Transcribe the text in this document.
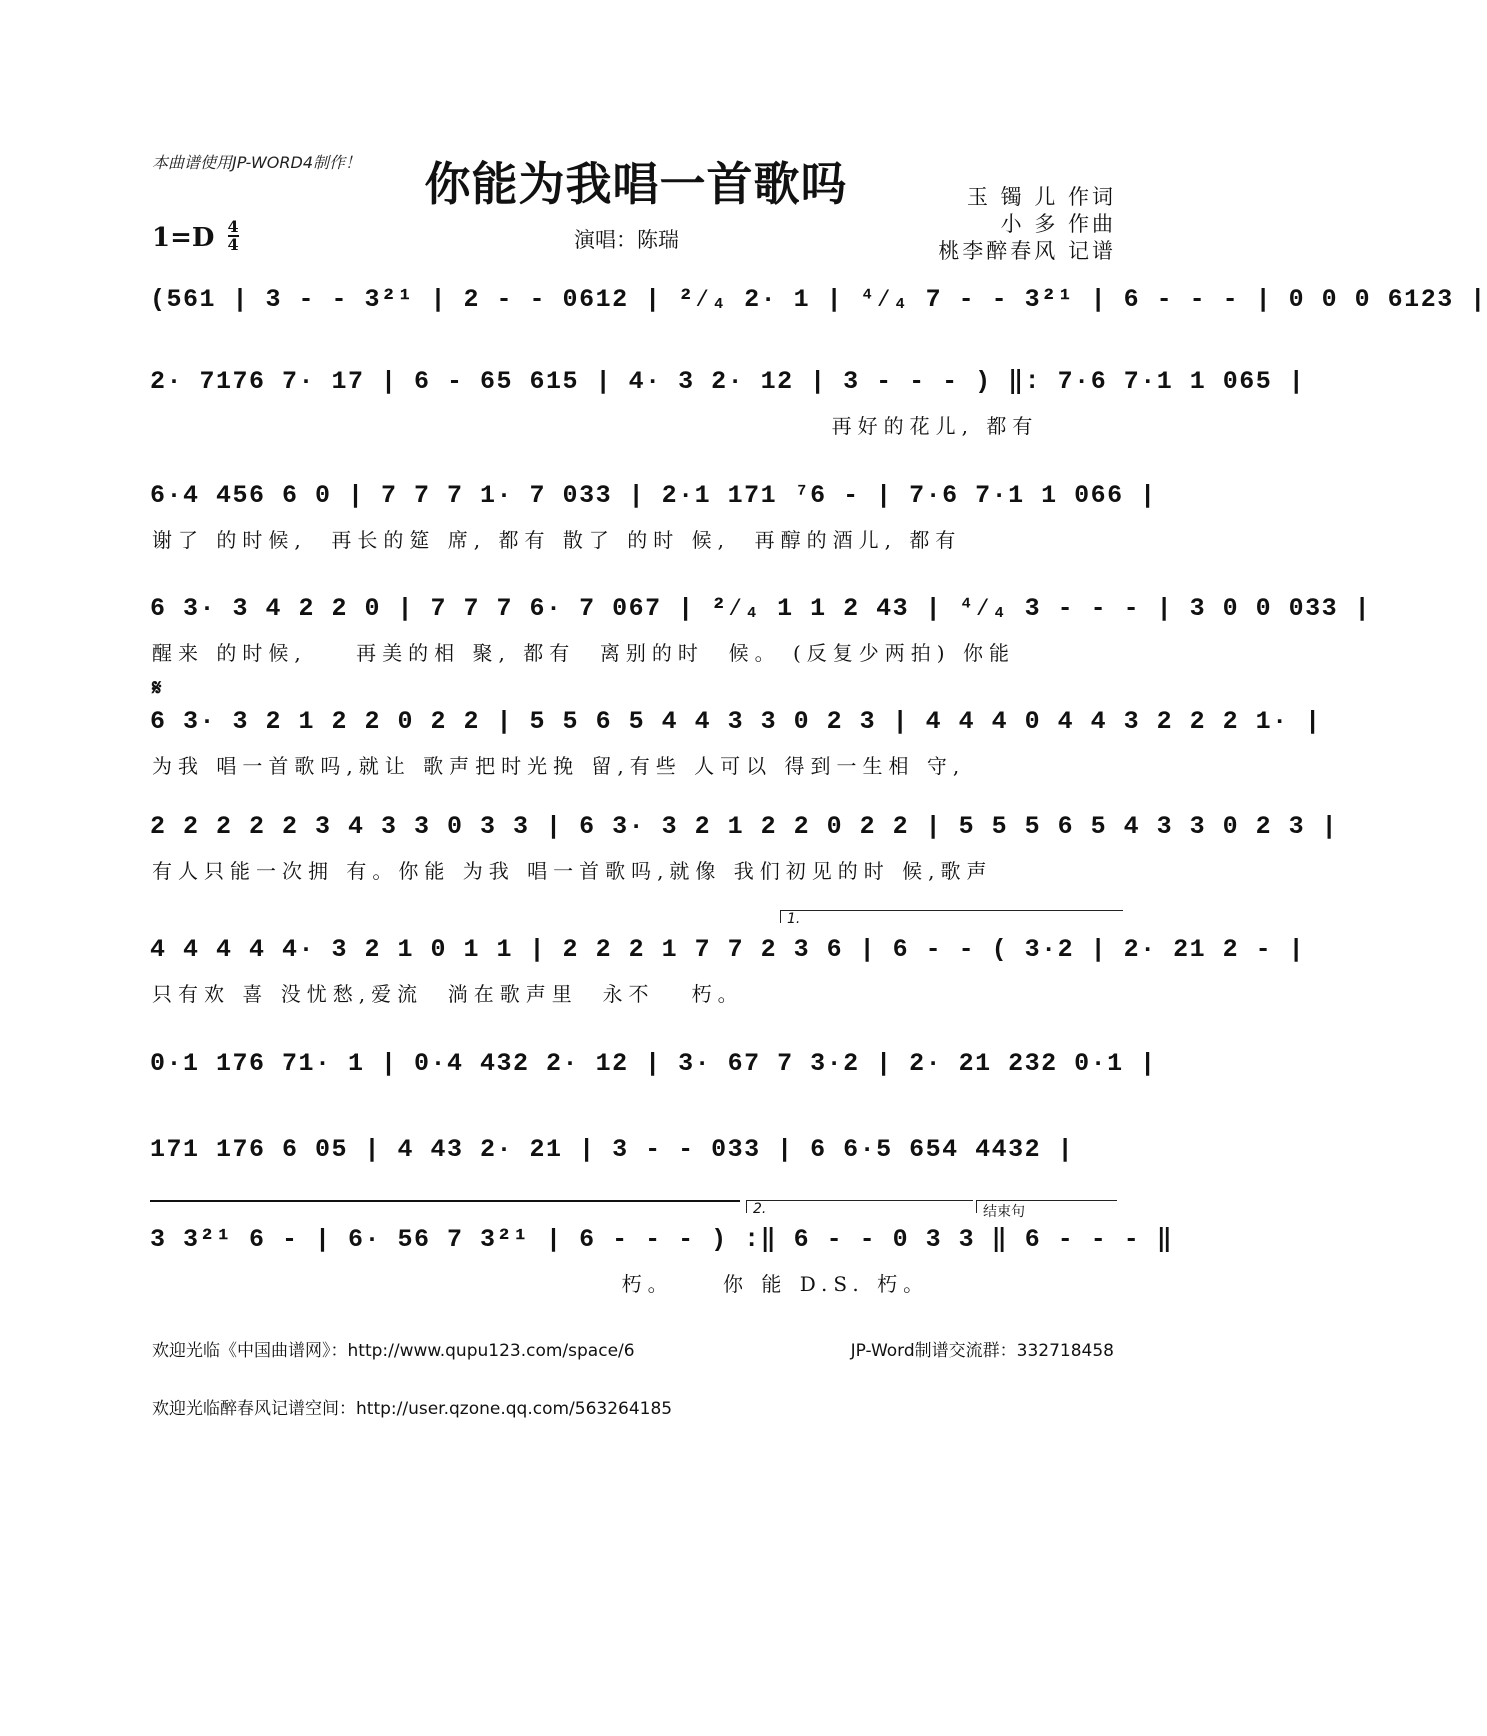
本曲谱使用JP-WORD4制作！	你能为我唱一首歌吗	玉 镯 儿 作词
小 多 作曲
桃李醉春风 记谱
$1=D \frac{4}{4}$	演唱：陈瑞
(561 | 3 - - 3²¹ | 2 - - 0612 | ²⁄₄ 2· 1 | ⁴⁄₄ 7 - - 3²¹ | 6 - - - | 0 0 0 6123 |
2· 7176 7· 17 | 6 - 65 615 | 4· 3 2· 12 | 3 - - - ) ‖: 7·6 7·1 1 065 |
再好的花儿, 都有
6·4 456 6 0 | 7 7 7 1· 7 033 | 2·1 171 ⁷6 - | 7·6 7·1 1 066 |
谢了 的时候,  再长的筵 席, 都有 散了 的时 候,  再醇的酒儿, 都有
6 3· 3 4 2 2 0 | 7 7 7 6· 7 067 | ²⁄₄ 1 1 2 43 | ⁴⁄₄ 3 - - - | 3 0 0 033 |
醒来 的时候,    再美的相 聚, 都有  离别的时  候。 (反复少两拍) 你能
𝄋
6 3· 3 2 1 2 2 0 2 2 | 5 5 6 5 4 4 3 3 0 2 3 | 4 4 4 0 4 4 3 2 2 2 1· |
为我 唱一首歌吗,就让 歌声把时光挽 留,有些 人可以 得到一生相 守,
2 2 2 2 2 3 4 3 3 0 3 3 | 6 3· 3 2 1 2 2 0 2 2 | 5 5 5 6 5 4 3 3 0 2 3 |
有人只能一次拥 有。你能 为我 唱一首歌吗,就像 我们初见的时 候,歌声
1.
4 4 4 4 4· 3 2 1 0 1 1 | 2 2 2 1 7 7 2 3 6 | 6 - - ( 3·2 | 2· 21 2 - |
只有欢 喜 没忧愁,爱流  淌在歌声里  永不   朽。
0·1 176 71· 1 | 0·4 432 2· 12 | 3· 67 7 3·2 | 2· 21 232 0·1 |
171 176 6 05 | 4 43 2· 21 | 3 - - 033 | 6 6·5 654 4432 |
2.	结束句
3 3²¹ 6 - | 6· 56 7 3²¹ | 6 - - - ) :‖ 6 - - 0 3 3 ‖ 6 - - - ‖
朽。    你 能 D.S. 朽。
欢迎光临《中国曲谱网》：http://www.qupu123.com/space/6	JP-Word制谱交流群：332718458
欢迎光临醉春风记谱空间：http://user.qzone.qq.com/563264185
